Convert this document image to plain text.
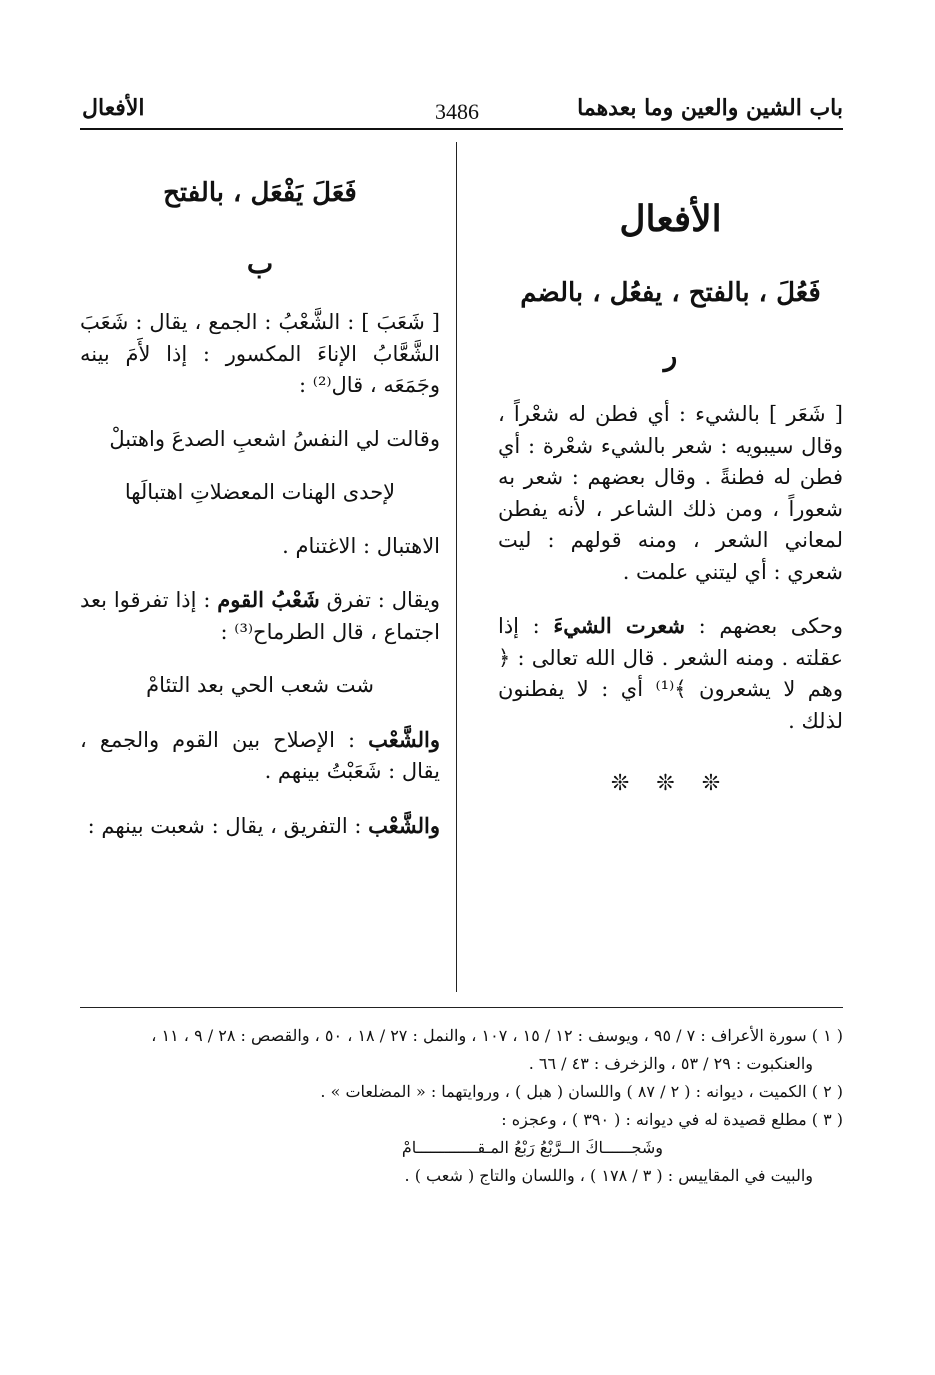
باب الشين والعين وما بعدهما
3486
الأفعال
الأفعال
فَعُلَ ، بالفتح ، يفعُل ، بالضم
ر

[ شَعَر ] بالشيء : أي فطن له شعْراً ، وقال سيبويه : شعر بالشيء شعْرة : أي فطن له فطنةً . وقال بعضهم : شعر به شعوراً ، ومن ذلك الشاعر ، لأنه يفطن لمعاني الشعر ، ومنه قولهم : ليت شعري : أي ليتني علمت .

وحكى بعضهم : شعرت الشيءَ : إذا عقلته . ومنه الشعر . قال الله تعالى : ﴿ وهم لا يشعرون ﴾⁽¹⁾ أي : لا يفطنون لذلك .

❊ ❊ ❊
فَعَلَ يَفْعَل ، بالفتح
ب

[ شَعَبَ ] : الشَّعْبُ : الجمع ، يقال : شَعَبَ الشَّعَّابُ الإناءَ المكسور : إذا لأَمَ بينه وجَمَعَه ، قال⁽²⁾ :

وقالت لي النفسُ اشعبِ الصدعَ واهتبلْ

لإحدى الهنات المعضلاتِ اهتبالَها

الاهتبال : الاغتنام .

ويقال : تفرق شَعْبُ القوم : إذا تفرقوا بعد اجتماع ، قال الطرماح⁽³⁾ :

شت شعب الحي بعد التئامْ

والشَّعْب : الإصلاح بين القوم والجمع ، يقال : شَعَبْتُ بينهم .

والشَّعْب : التفريق ، يقال : شعبت بينهم :

( ١ ) سورة الأعراف : ٧ / ٩٥ ، ويوسف : ١٢ / ١٥ ، ١٠٧ ، والنمل : ٢٧ / ١٨ ، ٥٠ ، والقصص : ٢٨ / ٩ ، ١١ ،

والعنكبوت : ٢٩ / ٥٣ ، والزخرف : ٤٣ / ٦٦ .

( ٢ ) الكميت ، ديوانه : ( ٢ / ٨٧ ) واللسان ( هبل ) ، وروايتهما : « المضلعات » .

( ٣ ) مطلع قصيدة له في ديوانه : ( ٣٩٠ ) ، وعجزه :

وشَجــــــاكَ الــرَّبْعُ رَبْعُ المـقـــــــــــــامْ

والبيت في المقاييس : ( ٣ / ١٧٨ ) ، واللسان والتاج ( شعب ) .
